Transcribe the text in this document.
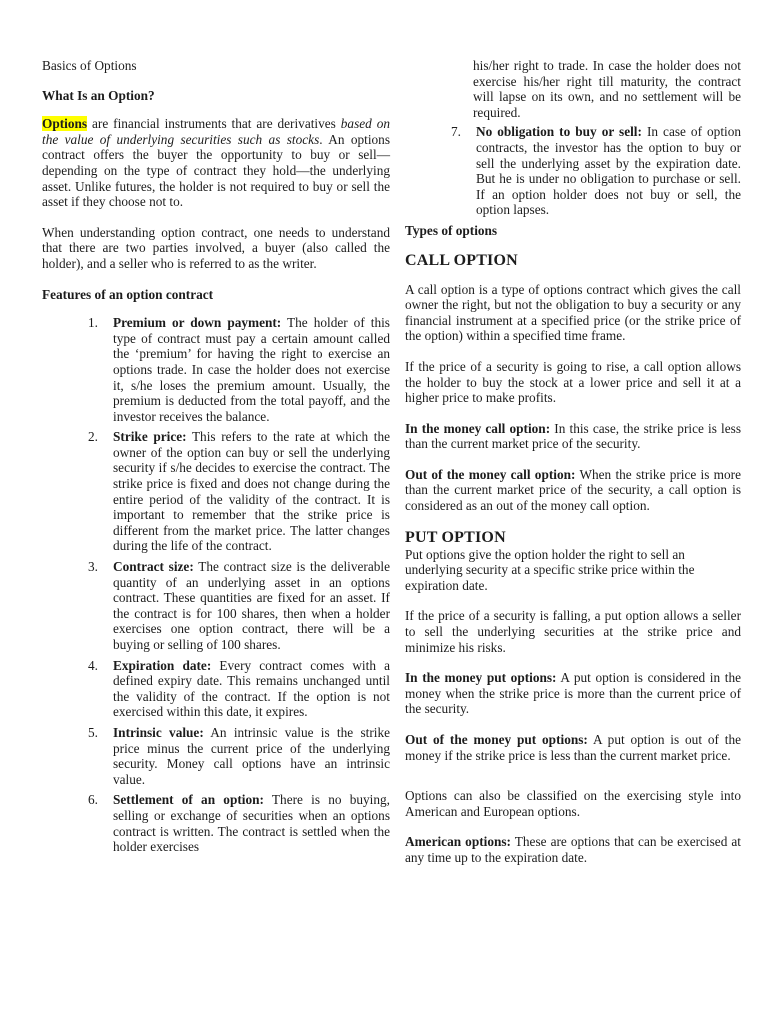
Basics of Options
What Is an Option?
Options are financial instruments that are derivatives based on the value of underlying securities such as stocks. An options contract offers the buyer the opportunity to buy or sell—depending on the type of contract they hold—the underlying asset. Unlike futures, the holder is not required to buy or sell the asset if they choose not to.
When understanding option contract, one needs to understand that there are two parties involved, a buyer (also called the holder), and a seller who is referred to as the writer.
Features of an option contract
1. Premium or down payment: The holder of this type of contract must pay a certain amount called the ‘premium’ for having the right to exercise an options trade. In case the holder does not exercise it, s/he loses the premium amount. Usually, the premium is deducted from the total payoff, and the investor receives the balance.
2. Strike price: This refers to the rate at which the owner of the option can buy or sell the underlying security if s/he decides to exercise the contract. The strike price is fixed and does not change during the entire period of the validity of the contract. It is important to remember that the strike price is different from the market price. The latter changes during the life of the contract.
3. Contract size: The contract size is the deliverable quantity of an underlying asset in an options contract. These quantities are fixed for an asset. If the contract is for 100 shares, then when a holder exercises one option contract, there will be a buying or selling of 100 shares.
4. Expiration date: Every contract comes with a defined expiry date. This remains unchanged until the validity of the contract. If the option is not exercised within this date, it expires.
5. Intrinsic value: An intrinsic value is the strike price minus the current price of the underlying security. Money call options have an intrinsic value.
6. Settlement of an option: There is no buying, selling or exchange of securities when an options contract is written. The contract is settled when the holder exercises
his/her right to trade. In case the holder does not exercise his/her right till maturity, the contract will lapse on its own, and no settlement will be required.
7. No obligation to buy or sell: In case of option contracts, the investor has the option to buy or sell the underlying asset by the expiration date. But he is under no obligation to purchase or sell. If an option holder does not buy or sell, the option lapses.
Types of options
CALL OPTION
A call option is a type of options contract which gives the call owner the right, but not the obligation to buy a security or any financial instrument at a specified price (or the strike price of the option) within a specified time frame.
If the price of a security is going to rise, a call option allows the holder to buy the stock at a lower price and sell it at a higher price to make profits.
In the money call option: In this case, the strike price is less than the current market price of the security.
Out of the money call option: When the strike price is more than the current market price of the security, a call option is considered as an out of the money call option.
PUT OPTION
Put options give the option holder the right to sell an underlying security at a specific strike price within the expiration date.
If the price of a security is falling, a put option allows a seller to sell the underlying securities at the strike price and minimize his risks.
In the money put options: A put option is considered in the money when the strike price is more than the current price of the security.
Out of the money put options: A put option is out of the money if the strike price is less than the current market price.
Options can also be classified on the exercising style into American and European options.
American options: These are options that can be exercised at any time up to the expiration date.
